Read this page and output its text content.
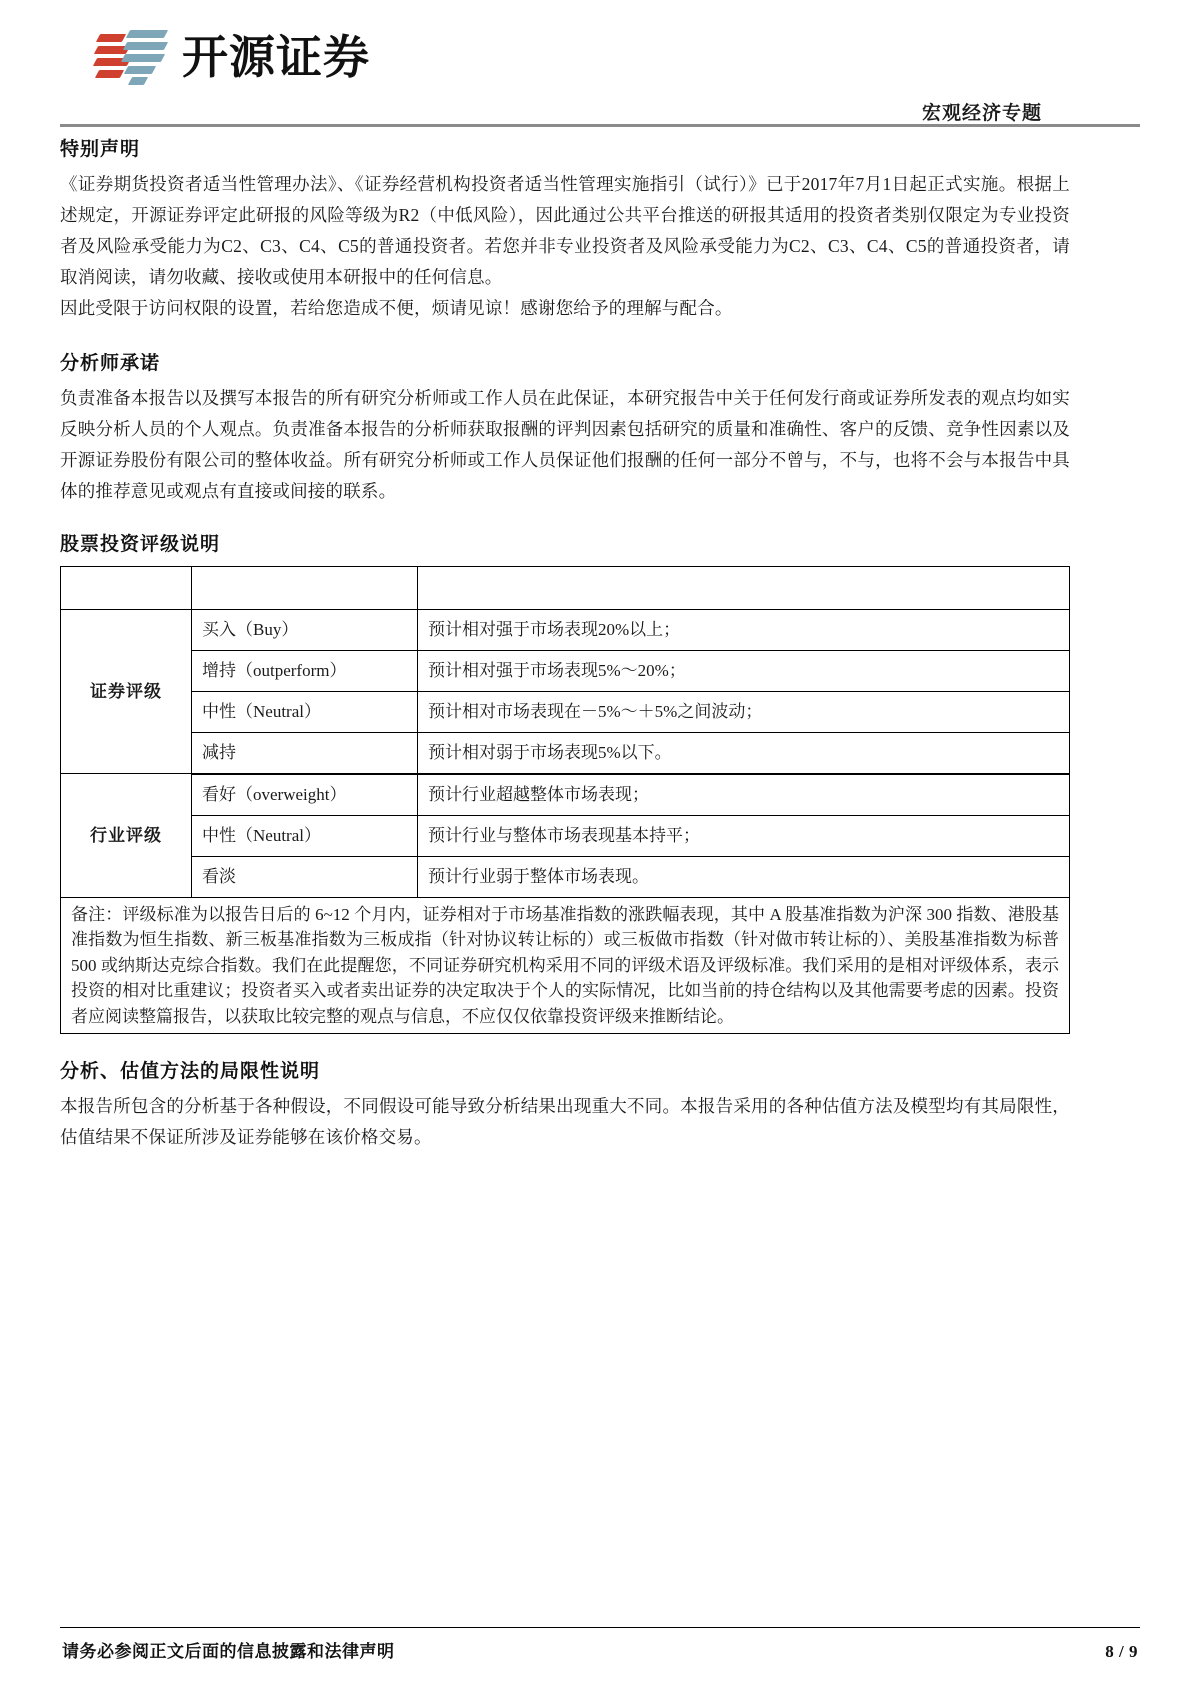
开源证券
宏观经济专题
特别声明

《证券期货投资者适当性管理办法》、《证券经营机构投资者适当性管理实施指引（试行）》已于2017年7月1日起正式实施。根据上述规定，开源证券评定此研报的风险等级为R2（中低风险），因此通过公共平台推送的研报其适用的投资者类别仅限定为专业投资者及风险承受能力为C2、C3、C4、C5的普通投资者。若您并非专业投资者及风险承受能力为C2、C3、C4、C5的普通投资者，请取消阅读，请勿收藏、接收或使用本研报中的任何信息。

因此受限于访问权限的设置，若给您造成不便，烦请见谅！感谢您给予的理解与配合。

分析师承诺

负责准备本报告以及撰写本报告的所有研究分析师或工作人员在此保证，本研究报告中关于任何发行商或证券所发表的观点均如实反映分析人员的个人观点。负责准备本报告的分析师获取报酬的评判因素包括研究的质量和准确性、客户的反馈、竞争性因素以及开源证券股份有限公司的整体收益。所有研究分析师或工作人员保证他们报酬的任何一部分不曾与，不与，也将不会与本报告中具体的推荐意见或观点有直接或间接的联系。

股票投资评级说明

证券评级	买入（Buy）	预计相对强于市场表现20%以上；
	增持（outperform）	预计相对强于市场表现5%～20%；
	中性（Neutral）	预计相对市场表现在－5%～＋5%之间波动；
	减持	预计相对弱于市场表现5%以下。
行业评级	看好（overweight）	预计行业超越整体市场表现；
	中性（Neutral）	预计行业与整体市场表现基本持平；
	看淡	预计行业弱于整体市场表现。
备注：评级标准为以报告日后的 6~12 个月内，证券相对于市场基准指数的涨跌幅表现，其中 A 股基准指数为沪深 300 指数、港股基准指数为恒生指数、新三板基准指数为三板成指（针对协议转让标的）或三板做市指数（针对做市转让标的）、美股基准指数为标普 500 或纳斯达克综合指数。我们在此提醒您，不同证券研究机构采用不同的评级术语及评级标准。我们采用的是相对评级体系，表示投资的相对比重建议；投资者买入或者卖出证券的决定取决于个人的实际情况，比如当前的持仓结构以及其他需要考虑的因素。投资者应阅读整篇报告，以获取比较完整的观点与信息，不应仅仅依靠投资评级来推断结论。		
分析、估值方法的局限性说明

本报告所包含的分析基于各种假设，不同假设可能导致分析结果出现重大不同。本报告采用的各种估值方法及模型均有其局限性，估值结果不保证所涉及证券能够在该价格交易。

请务必参阅正文后面的信息披露和法律声明	8 / 9
